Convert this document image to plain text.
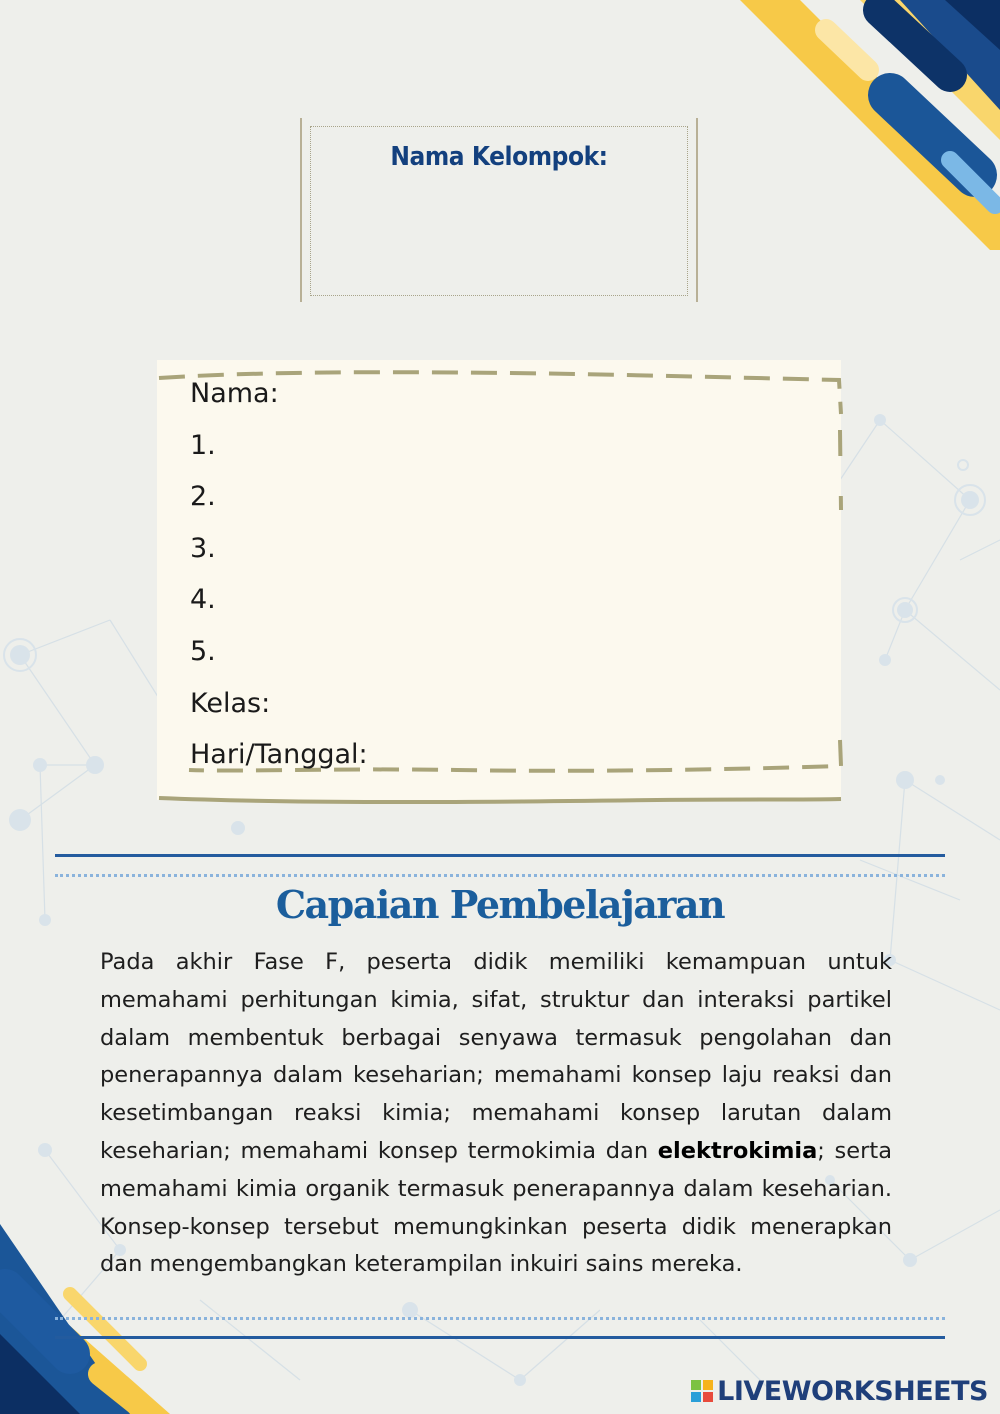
Nama Kelompok:
Nama:
1.
2.
3.
4.
5.
Kelas:
Hari/Tanggal:
Capaian Pembelajaran
Pada akhir Fase F, peserta didik memiliki kemampuan untuk memahami perhitungan kimia, sifat, struktur dan interaksi partikel dalam membentuk berbagai senyawa termasuk pengolahan dan penerapannya dalam keseharian; memahami konsep laju reaksi dan kesetimbangan reaksi kimia; memahami konsep larutan dalam keseharian; memahami konsep termokimia dan elektrokimia; serta memahami kimia organik termasuk penerapannya dalam keseharian. Konsep-konsep tersebut memungkinkan peserta didik menerapkan dan mengembangkan keterampilan inkuiri sains mereka.
LIVEWORKSHEETS
